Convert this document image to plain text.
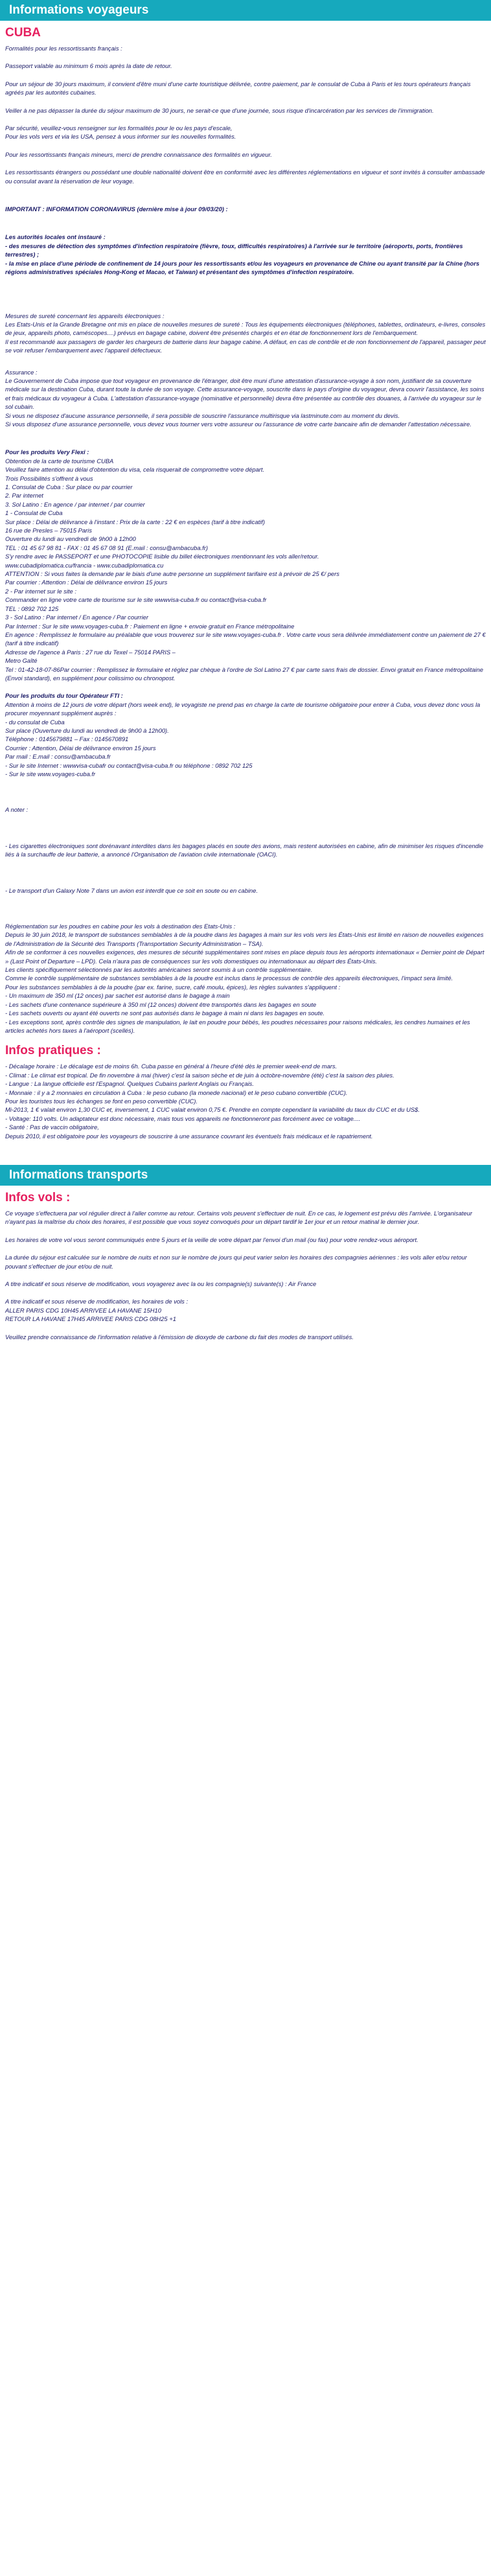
Informations voyageurs
CUBA

Formalités pour les ressortissants français :

Passeport valable au minimum 6 mois après la date de retour.

Pour un séjour de 30 jours maximum, il convient d'être muni d'une carte touristique délivrée, contre paiement, par le consulat de Cuba à Paris et les tours opérateurs français agréés par les autorités cubaines.

Veiller à ne pas dépasser la durée du séjour maximum de 30 jours, ne serait-ce que d'une journée, sous risque d'incarcération par les services de l'immigration.

Par sécurité, veuillez-vous renseigner sur les formalités pour le ou les pays d'escale,
Pour les vols vers et via les USA, pensez à vous informer sur les nouvelles formalités.

Pour les ressortissants français mineurs, merci de prendre connaissance des formalités en vigueur.

Les ressortissants étrangers ou possédant une double nationalité doivent être en conformité avec les différentes réglementations en vigueur et sont invités à consulter ambassade ou consulat avant la réservation de leur voyage.

IMPORTANT : INFORMATION CORONAVIRUS (dernière mise à jour 09/03/20) :

Les autorités locales ont instauré :
- des mesures de détection des symptômes d'infection respiratoire (fièvre, toux, difficultés respiratoires) à l'arrivée sur le territoire (aéroports, ports, frontières terrestres) ;
- la mise en place d'une période de confinement de 14 jours pour les ressortissants et/ou les voyageurs en provenance de Chine ou ayant transité par la Chine (hors régions administratives spéciales Hong-Kong et Macao, et Taiwan) et présentant des symptômes d'infection respiratoire.

Mesures de sureté concernant les appareils électroniques :
Les Etats-Unis et la Grande Bretagne ont mis en place de nouvelles mesures de sureté : Tous les équipements électroniques (téléphones, tablettes, ordinateurs, e-livres, consoles de jeux, appareils photo, caméscopes....) prévus en bagage cabine, doivent être présentés chargés et en état de fonctionnement lors de l'embarquement.
Il est recommandé aux passagers de garder les chargeurs de batterie dans leur bagage cabine. A défaut, en cas de contrôle et de non fonctionnement de l'appareil, passager peut se voir refuser l'embarquement avec l'appareil défectueux.

Assurance :
Le Gouvernement de Cuba impose que tout voyageur en provenance de l'étranger, doit être muni d'une attestation d'assurance-voyage à son nom, justifiant de sa couverture médicale sur la destination Cuba, durant toute la durée de son voyage. Cette assurance-voyage, souscrite dans le pays d'origine du voyageur, devra couvrir l'assistance, les soins et frais médicaux du voyageur à Cuba. L'attestation d'assurance-voyage (nominative et personnelle) devra être présentée au contrôle des douanes, à l'arrivée du voyageur sur le sol cubain.
Si vous ne disposez d'aucune assurance personnelle, il sera possible de souscrire l'assurance multirisque via lastminute.com au moment du devis.
Si vous disposez d'une assurance personnelle, vous devez vous tourner vers votre assureur ou l'assurance de votre carte bancaire afin de demander l'attestation nécessaire.

Pour les produits Very Flexi :

Obtention de la carte de tourisme CUBA
Veuillez faire attention au délai d'obtention du visa, cela risquerait de compromettre votre départ.
Trois Possibilités s'offrent à vous
1. Consulat de Cuba : Sur place ou par courrier
2. Par internet
3. Sol Latino : En agence / par internet / par courrier
1 - Consulat de Cuba
Sur place : Délai de délivrance à l'instant : Prix de la carte : 22 € en espèces (tarif à titre indicatif)
16 rue de Presles – 75015 Paris
Ouverture du lundi au vendredi de 9h00 à 12h00
TEL : 01 45 67 98 81 - FAX : 01 45 67 08 91 (E.mail : consu@ambacuba.fr)
S'y rendre avec le PASSEPORT et une PHOTOCOPIE lisible du billet électroniques mentionnant les vols aller/retour.
www.cubadiplomatica.cu/francia - www.cubadiplomatica.cu
ATTENTION : Si vous faites la demande par le biais d'une autre personne un supplément tarifaire est à prévoir de 25 €/ pers
Par courrier : Attention : Délai de délivrance environ 15 jours
2 - Par internet sur le site :
Commander en ligne votre carte de tourisme sur le site wwwvisa-cuba.fr ou contact@visa-cuba.fr
TEL : 0892 702 125
3 - Sol Latino : Par internet / En agence / Par courrier
Par Internet : Sur le site www.voyages-cuba.fr : Paiement en ligne + envoie gratuit en France métropolitaine
En agence : Remplissez le formulaire au préalable que vous trouverez sur le site www.voyages-cuba.fr . Votre carte vous sera délivrée immédiatement contre un paiement de 27 € (tarif à titre indicatif)
Adresse de l'agence à Paris : 27 rue du Texel – 75014 PARIS –
Metro Gaîté
Tel : 01-42-18-07-86Par courrier : Remplissez le formulaire et réglez par chèque à l'ordre de Sol Latino 27 € par carte sans frais de dossier. Envoi gratuit en France métropolitaine (Envoi standard), en supplément pour colissimo ou chronopost.

Pour les produits du tour Opérateur FTI :

Attention à moins de 12 jours de votre départ (hors week end), le voyagiste ne prend pas en charge la carte de tourisme obligatoire pour entrer à Cuba, vous devez donc vous la procurer moyennant supplément auprès :
- du consulat de Cuba
Sur place (Ouverture du lundi au vendredi de 9h00 à 12h00).
Téléphone : 0145679881 – Fax : 0145670891
Courrier : Attention, Délai de délivrance environ 15 jours
Par mail : E.mail : consu@ambacuba.fr
- Sur le site Internet : wwwvisa-cubafr ou contact@visa-cuba.fr ou téléphone : 0892 702 125
- Sur le site www.voyages-cuba.fr

A noter :

- Les cigarettes électroniques sont dorénavant interdites dans les bagages placés en soute des avions, mais restent autorisées en cabine, afin de minimiser les risques d'incendie liés à la surchauffe de leur batterie, a annoncé l'Organisation de l'aviation civile internationale (OACI).

- Le transport d'un Galaxy Note 7 dans un avion est interdit que ce soit en soute ou en cabine.

Réglementation sur les poudres en cabine pour les vols à destination des Etats-Unis :
Depuis le 30 juin 2018, le transport de substances semblables à de la poudre dans les bagages à main sur les vols vers les États-Unis est limité en raison de nouvelles exigences de l'Administration de la Sécurité des Transports (Transportation Security Administration – TSA).
Afin de se conformer à ces nouvelles exigences, des mesures de sécurité supplémentaires sont mises en place depuis tous les aéroports internationaux « Dernier point de Départ » (Last Point of Departure – LPD). Cela n'aura pas de conséquences sur les vols domestiques ou internationaux au départ des États-Unis.
Les clients spécifiquement sélectionnés par les autorités américaines seront soumis à un contrôle supplémentaire.
Comme le contrôle supplémentaire de substances semblables à de la poudre est inclus dans le processus de contrôle des appareils électroniques, l'impact sera limité.
Pour les substances semblables à de la poudre (par ex. farine, sucre, café moulu, épices), les règles suivantes s'appliquent :
- Un maximum de 350 ml (12 onces) par sachet est autorisé dans le bagage à main
- Les sachets d'une contenance supérieure à 350 ml (12 onces) doivent être transportés dans les bagages en soute
- Les sachets ouverts ou ayant été ouverts ne sont pas autorisés dans le bagage à main ni dans les bagages en soute.
- Les exceptions sont, après contrôle des signes de manipulation, le lait en poudre pour bébés, les poudres nécessaires pour raisons médicales, les cendres humaines et les articles achetés hors taxes à l'aéroport (scellés).

Infos pratiques :

- Décalage horaire : Le décalage est de moins 6h. Cuba passe en général à l'heure d'été dès le premier week-end de mars.
- Climat : Le climat est tropical. De fin novembre à mai (hiver) c'est la saison sèche et de juin à octobre-novembre (été) c'est la saison des pluies.
- Langue : La langue officielle est l'Espagnol. Quelques Cubains parlent Anglais ou Français.
- Monnaie : il y a 2 monnaies en circulation à Cuba : le peso cubano (la monede nacional) et le peso cubano convertible (CUC).
Pour les touristes tous les échanges se font en peso convertible (CUC).
Mi-2013, 1 € valait environ 1,30 CUC et, inversement, 1 CUC valait environ 0,75 €. Prendre en compte cependant la variabilité du taux du CUC et du US$.
- Voltage: 110 volts. Un adaptateur est donc nécessaire, mais tous vos appareils ne fonctionneront pas forcément avec ce voltage....
- Santé : Pas de vaccin obligatoire,
Depuis 2010, il est obligatoire pour les voyageurs de souscrire à une assurance couvrant les éventuels frais médicaux et le rapatriement.

Informations transports
Infos vols :

Ce voyage s'effectuera par vol régulier direct à l'aller comme au retour. Certains vols peuvent s'effectuer de nuit. En ce cas, le logement est prévu dès l'arrivée. L'organisateur n'ayant pas la maîtrise du choix des horaires, il est possible que vous soyez convoqués pour un départ tardif le 1er jour et un retour matinal le dernier jour.

Les horaires de votre vol vous seront communiqués entre 5 jours et la veille de votre départ par l'envoi d'un mail (ou fax) pour votre rendez-vous aéroport.

La durée du séjour est calculée sur le nombre de nuits et non sur le nombre de jours qui peut varier selon les horaires des compagnies aériennes : les vols aller et/ou retour pouvant s'effectuer de jour et/ou de nuit.

A titre indicatif et sous réserve de modification, vous voyagerez avec la ou les compagnie(s) suivante(s) : Air France

A titre indicatif et sous réserve de modification, les horaires de vols :
ALLER PARIS CDG 10H45 ARRIVEE LA HAVANE 15H10
RETOUR LA HAVANE 17H45 ARRIVEE PARIS CDG 08H25 +1

Veuillez prendre connaissance de l'information relative à l'émission de dioxyde de carbone du fait des modes de transport utilisés.
